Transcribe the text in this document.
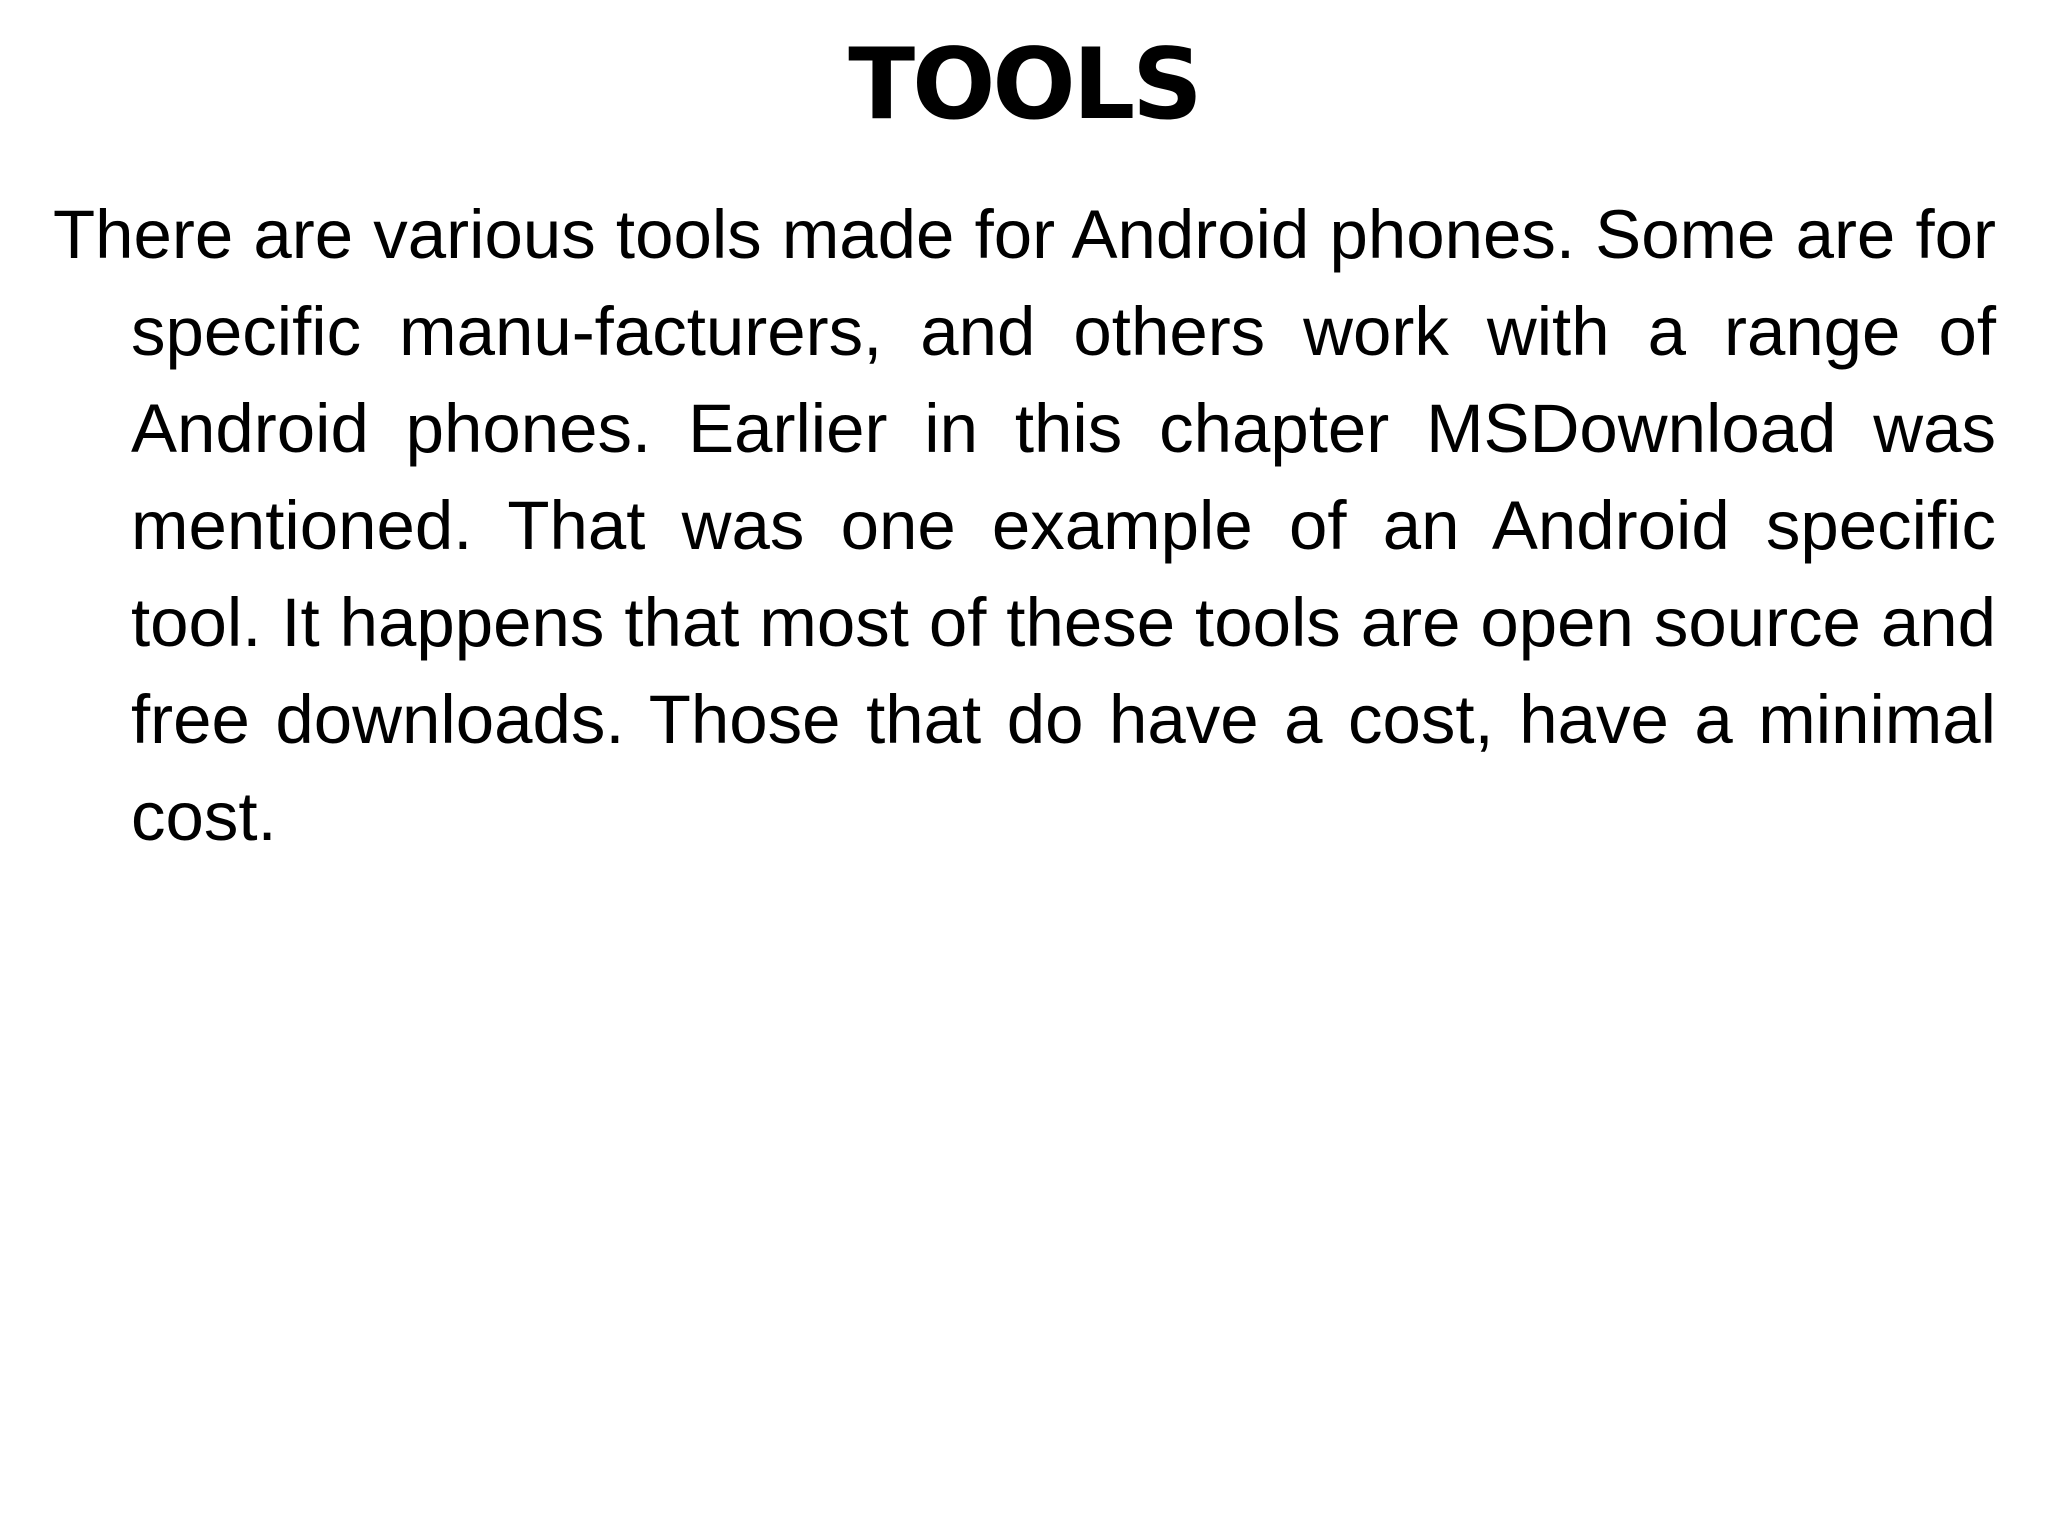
TOOLS

There are various tools made for Android phones. Some are for specific manu-facturers, and others work with a range of Android phones. Earlier in this chapter MSDownload was mentioned. That was one example of an Android specific tool. It happens that most of these tools are open source and free downloads. Those that do have a cost, have a minimal cost.
